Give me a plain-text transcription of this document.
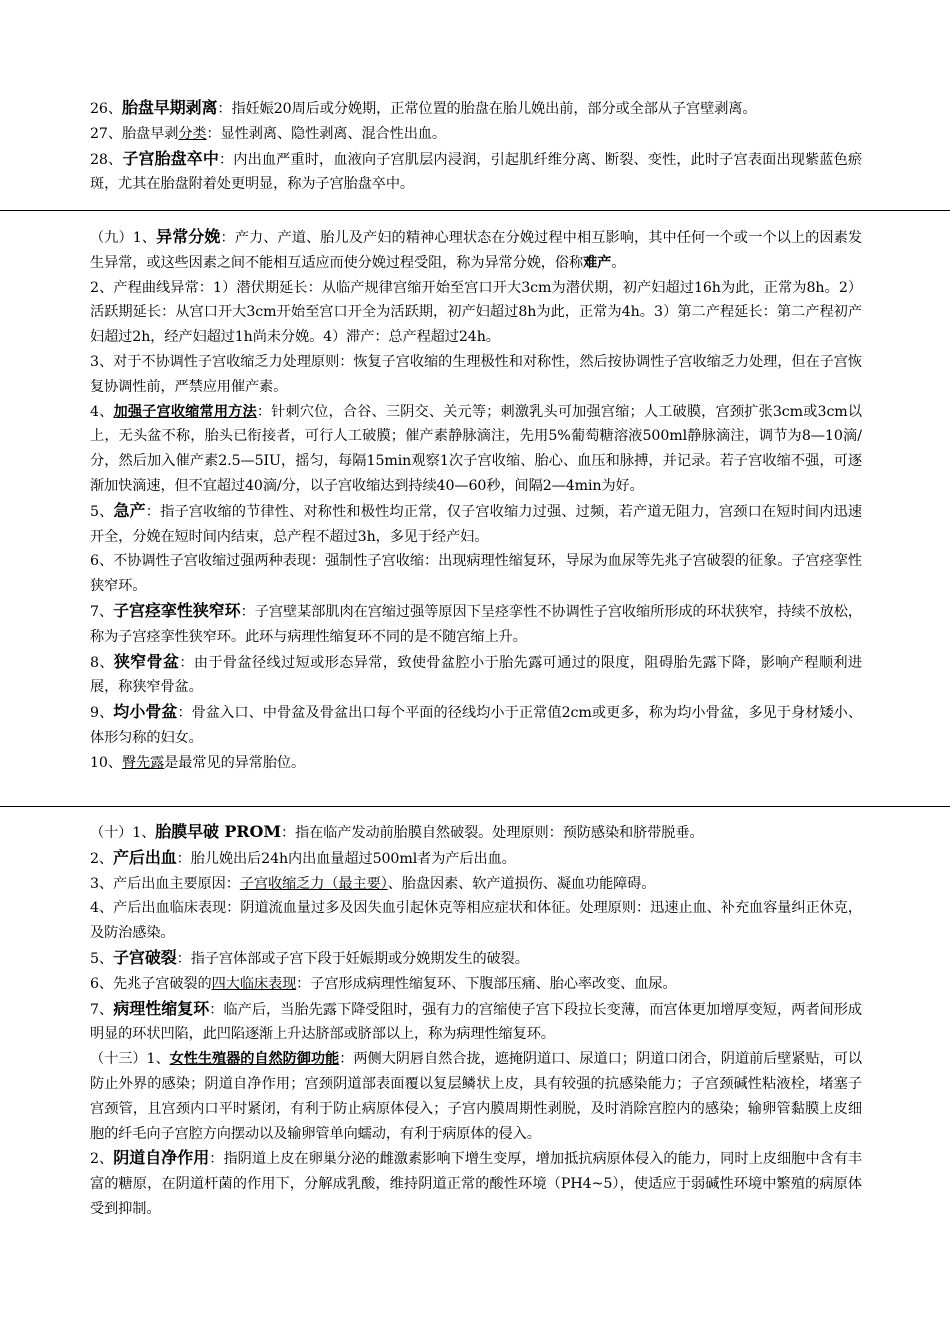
26、胎盘早期剥离：指妊娠20周后或分娩期，正常位置的胎盘在胎儿娩出前，部分或全部从子宫壁剥离。

27、胎盘早剥分类：显性剥离、隐性剥离、混合性出血。

28、子宫胎盘卒中：内出血严重时，血液向子宫肌层内浸润，引起肌纤维分离、断裂、变性，此时子宫表面出现紫蓝色瘀斑，尤其在胎盘附着处更明显，称为子宫胎盘卒中。

（九）1、异常分娩：产力、产道、胎儿及产妇的精神心理状态在分娩过程中相互影响，其中任何一个或一个以上的因素发生异常，或这些因素之间不能相互适应而使分娩过程受阻，称为异常分娩，俗称难产。

2、产程曲线异常：1）潜伏期延长：从临产规律宫缩开始至宫口开大3cm为潜伏期，初产妇超过16h为此，正常为8h。2）活跃期延长：从宫口开大3cm开始至宫口开全为活跃期，初产妇超过8h为此，正常为4h。3）第二产程延长：第二产程初产妇超过2h，经产妇超过1h尚未分娩。4）滞产：总产程超过24h。

3、对于不协调性子宫收缩乏力处理原则：恢复子宫收缩的生理极性和对称性，然后按协调性子宫收缩乏力处理，但在子宫恢复协调性前，严禁应用催产素。

4、加强子宫收缩常用方法：针刺穴位，合谷、三阴交、关元等；刺激乳头可加强宫缩；人工破膜，宫颈扩张3cm或3cm以上，无头盆不称，胎头已衔接者，可行人工破膜；催产素静脉滴注，先用5%葡萄糖溶液500ml静脉滴注，调节为8—10滴/分，然后加入催产素2.5—5IU，摇匀，每隔15min观察1次子宫收缩、胎心、血压和脉搏，并记录。若子宫收缩不强，可逐渐加快滴速，但不宜超过40滴/分，以子宫收缩达到持续40—60秒，间隔2—4min为好。

5、急产：指子宫收缩的节律性、对称性和极性均正常，仅子宫收缩力过强、过频，若产道无阻力，宫颈口在短时间内迅速开全，分娩在短时间内结束，总产程不超过3h，多见于经产妇。

6、不协调性子宫收缩过强两种表现：强制性子宫收缩：出现病理性缩复环，导尿为血尿等先兆子宫破裂的征象。子宫痉挛性狭窄环。

7、子宫痉挛性狭窄环：子宫壁某部肌肉在宫缩过强等原因下呈痉挛性不协调性子宫收缩所形成的环状狭窄，持续不放松，称为子宫痉挛性狭窄环。此环与病理性缩复环不同的是不随宫缩上升。

8、狭窄骨盆：由于骨盆径线过短或形态异常，致使骨盆腔小于胎先露可通过的限度，阻碍胎先露下降，影响产程顺利进展，称狭窄骨盆。

9、均小骨盆：骨盆入口、中骨盆及骨盆出口每个平面的径线均小于正常值2cm或更多，称为均小骨盆，多见于身材矮小、体形匀称的妇女。

10、臀先露是最常见的异常胎位。

（十）1、胎膜早破 PROM：指在临产发动前胎膜自然破裂。处理原则：预防感染和脐带脱垂。

2、产后出血：胎儿娩出后24h内出血量超过500ml者为产后出血。

3、产后出血主要原因：子宫收缩乏力（最主要）、胎盘因素、软产道损伤、凝血功能障碍。

4、产后出血临床表现：阴道流血量过多及因失血引起休克等相应症状和体征。处理原则：迅速止血、补充血容量纠正休克，及防治感染。

5、子宫破裂：指子宫体部或子宫下段于妊娠期或分娩期发生的破裂。

6、先兆子宫破裂的四大临床表现：子宫形成病理性缩复环、下腹部压痛、胎心率改变、血尿。

7、病理性缩复环：临产后，当胎先露下降受阻时，强有力的宫缩使子宫下段拉长变薄，而宫体更加增厚变短，两者间形成明显的环状凹陷，此凹陷逐渐上升达脐部或脐部以上，称为病理性缩复环。

（十三）1、女性生殖器的自然防御功能：两侧大阴唇自然合拢，遮掩阴道口、尿道口；阴道口闭合，阴道前后壁紧贴，可以防止外界的感染；阴道自净作用；宫颈阴道部表面覆以复层鳞状上皮，具有较强的抗感染能力；子宫颈碱性粘液栓，堵塞子宫颈管，且宫颈内口平时紧闭，有利于防止病原体侵入；子宫内膜周期性剥脱，及时消除宫腔内的感染；输卵管黏膜上皮细胞的纤毛向子宫腔方向摆动以及输卵管单向蠕动，有利于病原体的侵入。

2、阴道自净作用：指阴道上皮在卵巢分泌的雌激素影响下增生变厚，增加抵抗病原体侵入的能力，同时上皮细胞中含有丰富的糖原，在阴道杆菌的作用下，分解成乳酸，维持阴道正常的酸性环境（PH4~5），使适应于弱碱性环境中繁殖的病原体受到抑制。
